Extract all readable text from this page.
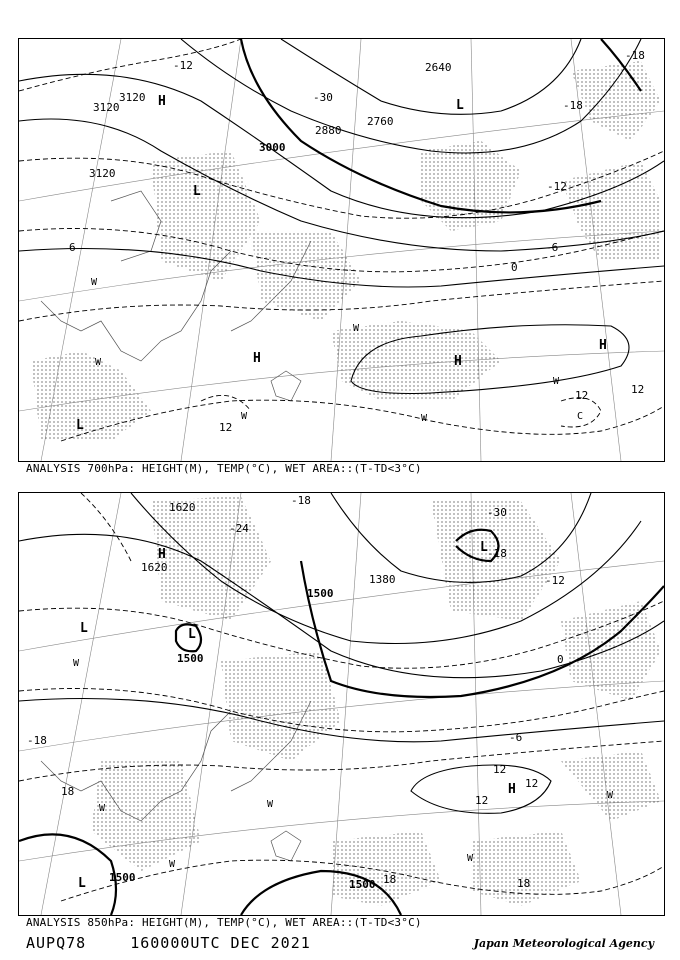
H	L
L
H	H
H
L
3120
3120
3000
2880
2760
2640
3120
-12
-18
-30
-18
-12
-6
0
6
12
12	12
W
W
W	W
W
W
C
ANALYSIS 700hPa: HEIGHT(M), TEMP(°C), WET AREA::(T-TD<3°C)
H
L
L
L
L
H
1620
1620
1500
1500
1380
1500
1500
-18
-24
-30
-18
-12
0
-6
12
12
12
18
18	18
-18
W
W
W
W
W
W
ANALYSIS 850hPa: HEIGHT(M), TEMP(°C), WET AREA::(T-TD<3°C)
AUPQ78	160000UTC DEC 2021	Japan Meteorological Agency
